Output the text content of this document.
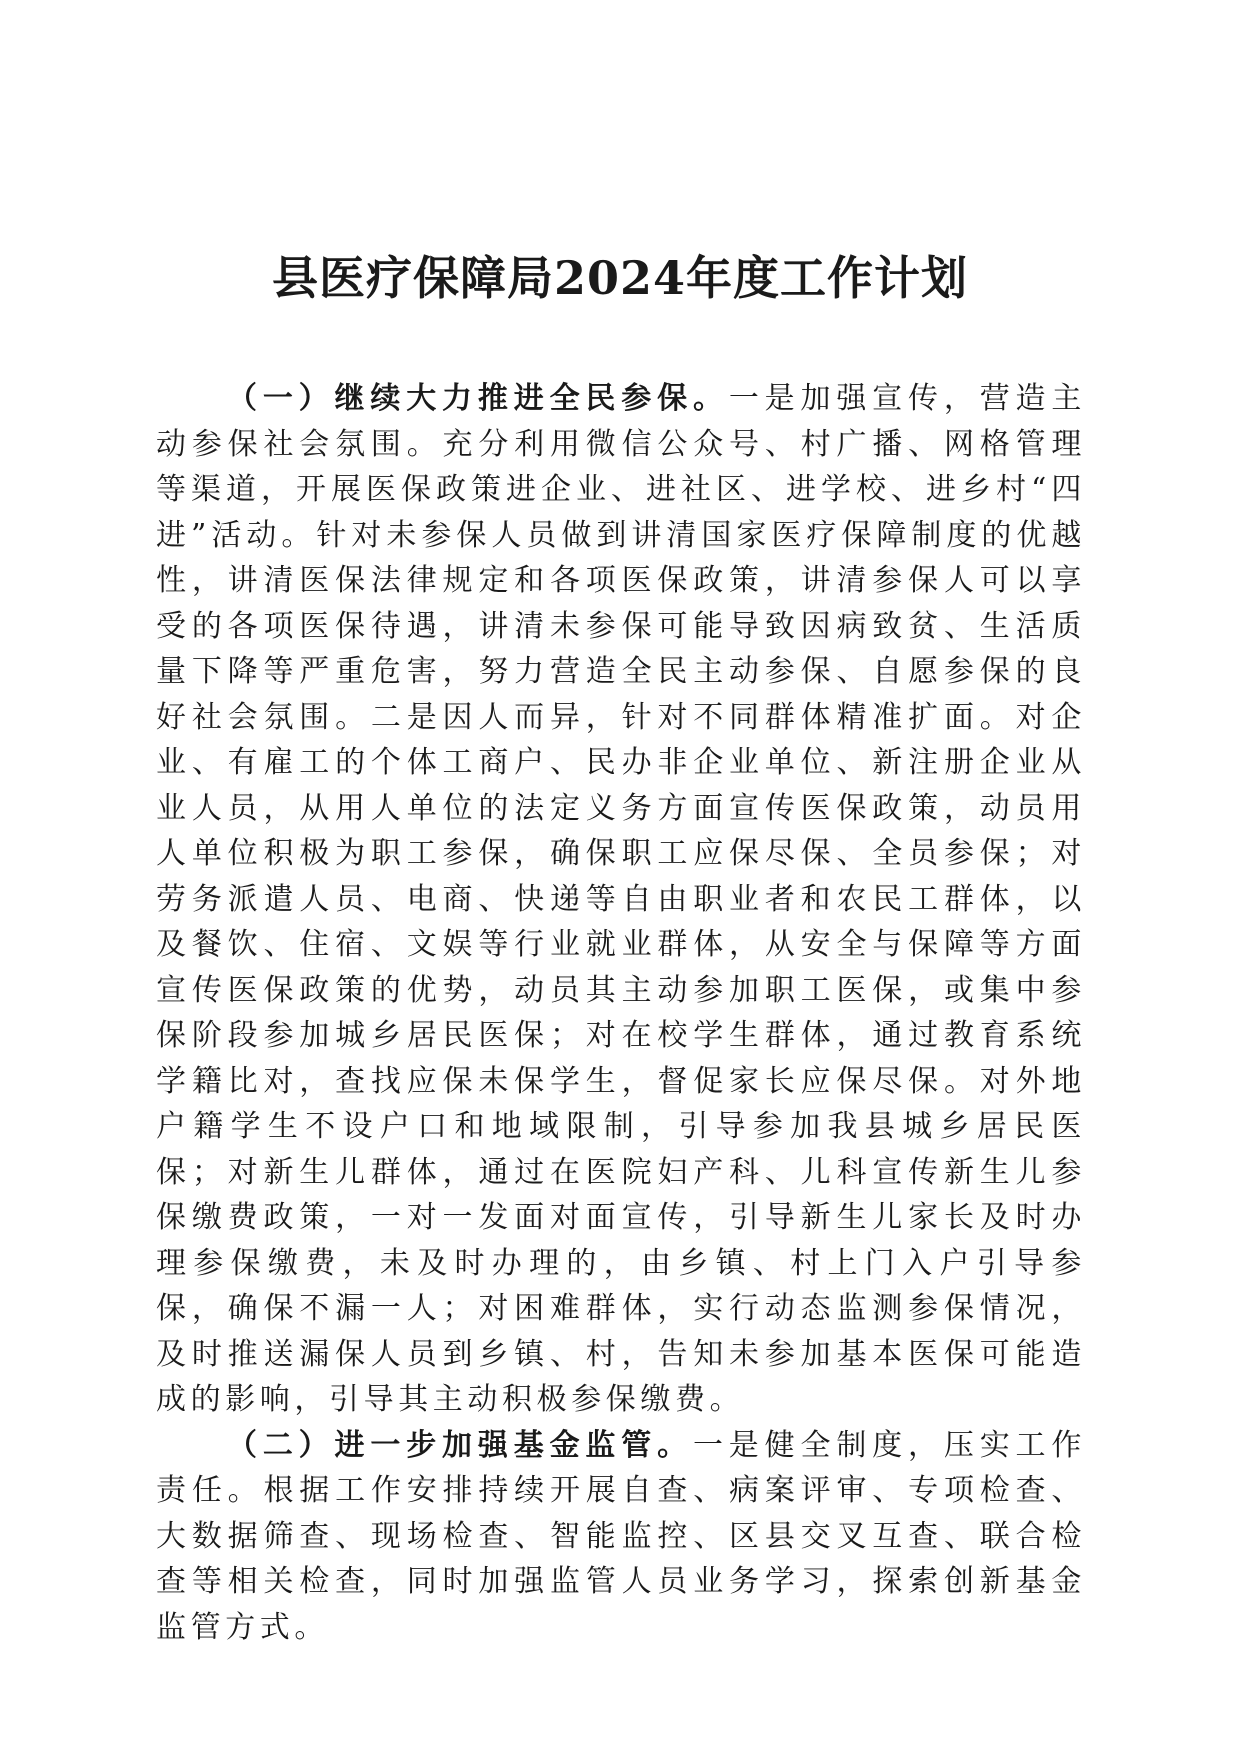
县医疗保障局2024年度工作计划

（一）继续大力推进全民参保。一是加强宣传，营造主动参保社会氛围。充分利用微信公众号、村广播、网格管理等渠道，开展医保政策进企业、进社区、进学校、进乡村“四进”活动。针对未参保人员做到讲清国家医疗保障制度的优越性，讲清医保法律规定和各项医保政策，讲清参保人可以享受的各项医保待遇，讲清未参保可能导致因病致贫、生活质量下降等严重危害，努力营造全民主动参保、自愿参保的良好社会氛围。二是因人而异，针对不同群体精准扩面。对企业、有雇工的个体工商户、民办非企业单位、新注册企业从业人员，从用人单位的法定义务方面宣传医保政策，动员用人单位积极为职工参保，确保职工应保尽保、全员参保；对劳务派遣人员、电商、快递等自由职业者和农民工群体，以及餐饮、住宿、文娱等行业就业群体，从安全与保障等方面宣传医保政策的优势，动员其主动参加职工医保，或集中参保阶段参加城乡居民医保；对在校学生群体，通过教育系统学籍比对，查找应保未保学生，督促家长应保尽保。对外地户籍学生不设户口和地域限制，引导参加我县城乡居民医保；对新生儿群体，通过在医院妇产科、儿科宣传新生儿参保缴费政策，一对一发面对面宣传，引导新生儿家长及时办理参保缴费，未及时办理的，由乡镇、村上门入户引导参保，确保不漏一人；对困难群体，实行动态监测参保情况，及时推送漏保人员到乡镇、村，告知未参加基本医保可能造成的影响，引导其主动积极参保缴费。

（二）进一步加强基金监管。一是健全制度，压实工作责任。根据工作安排持续开展自查、病案评审、专项检查、大数据筛查、现场检查、智能监控、区县交叉互查、联合检查等相关检查，同时加强监管人员业务学习，探索创新基金监管方式。
